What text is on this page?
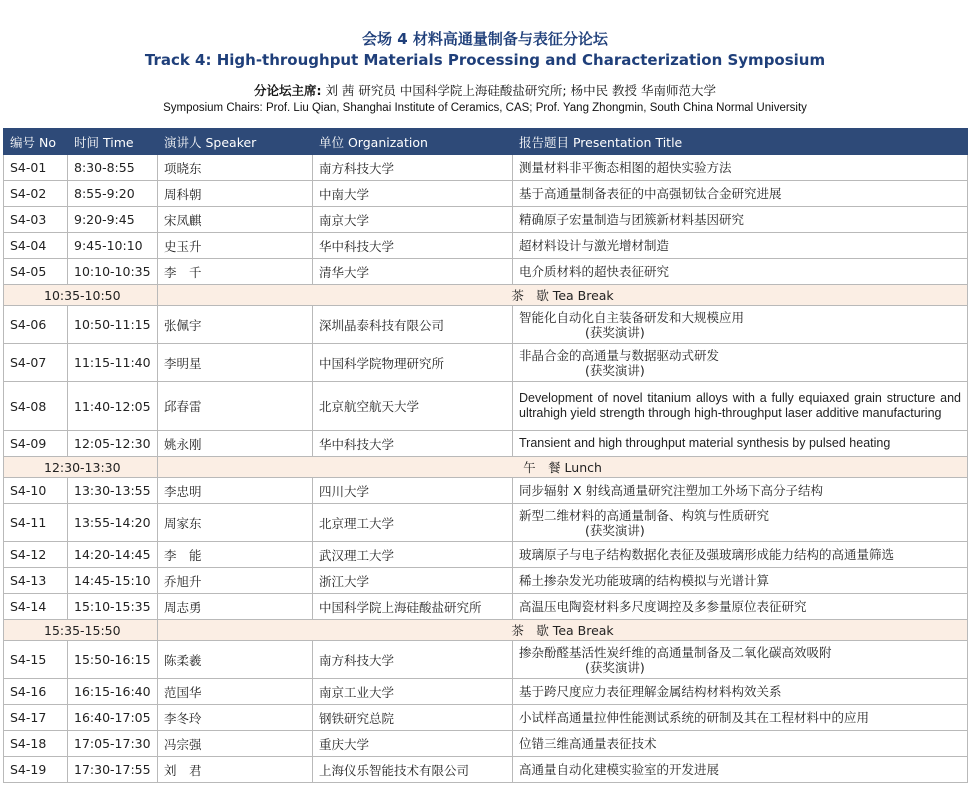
会场 4 材料高通量制备与表征分论坛
Track 4: High-throughput Materials Processing and Characterization Symposium
分论坛主席: 刘 茜 研究员 中国科学院上海硅酸盐研究所; 杨中民 教授 华南师范大学
Symposium Chairs: Prof. Liu Qian, Shanghai Institute of Ceramics, CAS; Prof. Yang Zhongmin, South China Normal University
编号 No	时间 Time	演讲人 Speaker	单位 Organization	报告题目 Presentation Title
S4-01	8:30-8:55	项晓东	南方科技大学	测量材料非平衡态相图的超快实验方法
S4-02	8:55-9:20	周科朝	中南大学	基于高通量制备表征的中高强韧钛合金研究进展
S4-03	9:20-9:45	宋凤麒	南京大学	精确原子宏量制造与团簇新材料基因研究
S4-04	9:45-10:10	史玉升	华中科技大学	超材料设计与激光增材制造
S4-05	10:10-10:35	李　千	清华大学	电介质材料的超快表征研究
10:35-10:50		茶　歇 Tea Break		
S4-06	10:50-11:15	张佩宇	深圳晶泰科技有限公司	智能化自动化自主装备研发和大规模应用
(获奖演讲)

S4-07	11:15-11:40	李明星	中国科学院物理研究所	非晶合金的高通量与数据驱动式研发
(获奖演讲)

S4-08	11:40-12:05	邱春雷	北京航空航天大学	Development of novel titanium alloys with a fully equiaxed grain structure and ultrahigh yield strength through high-throughput laser additive manufacturing
S4-09	12:05-12:30	姚永刚	华中科技大学	Transient and high throughput material synthesis by pulsed heating
12:30-13:30		午　餐 Lunch		
S4-10	13:30-13:55	李忠明	四川大学	同步辐射 X 射线高通量研究注塑加工外场下高分子结构
S4-11	13:55-14:20	周家东	北京理工大学	新型二维材料的高通量制备、构筑与性质研究
(获奖演讲)

S4-12	14:20-14:45	李　能	武汉理工大学	玻璃原子与电子结构数据化表征及强玻璃形成能力结构的高通量筛选
S4-13	14:45-15:10	乔旭升	浙江大学	稀土掺杂发光功能玻璃的结构模拟与光谱计算
S4-14	15:10-15:35	周志勇	中国科学院上海硅酸盐研究所	高温压电陶瓷材料多尺度调控及多参量原位表征研究
15:35-15:50		茶　歇 Tea Break		
S4-15	15:50-16:15	陈柔羲	南方科技大学	掺杂酚醛基活性炭纤维的高通量制备及二氧化碳高效吸附
(获奖演讲)

S4-16	16:15-16:40	范国华	南京工业大学	基于跨尺度应力表征理解金属结构材料构效关系
S4-17	16:40-17:05	李冬玲	钢铁研究总院	小试样高通量拉伸性能测试系统的研制及其在工程材料中的应用
S4-18	17:05-17:30	冯宗强	重庆大学	位错三维高通量表征技术
S4-19	17:30-17:55	刘　君	上海仪乐智能技术有限公司	高通量自动化建模实验室的开发进展
